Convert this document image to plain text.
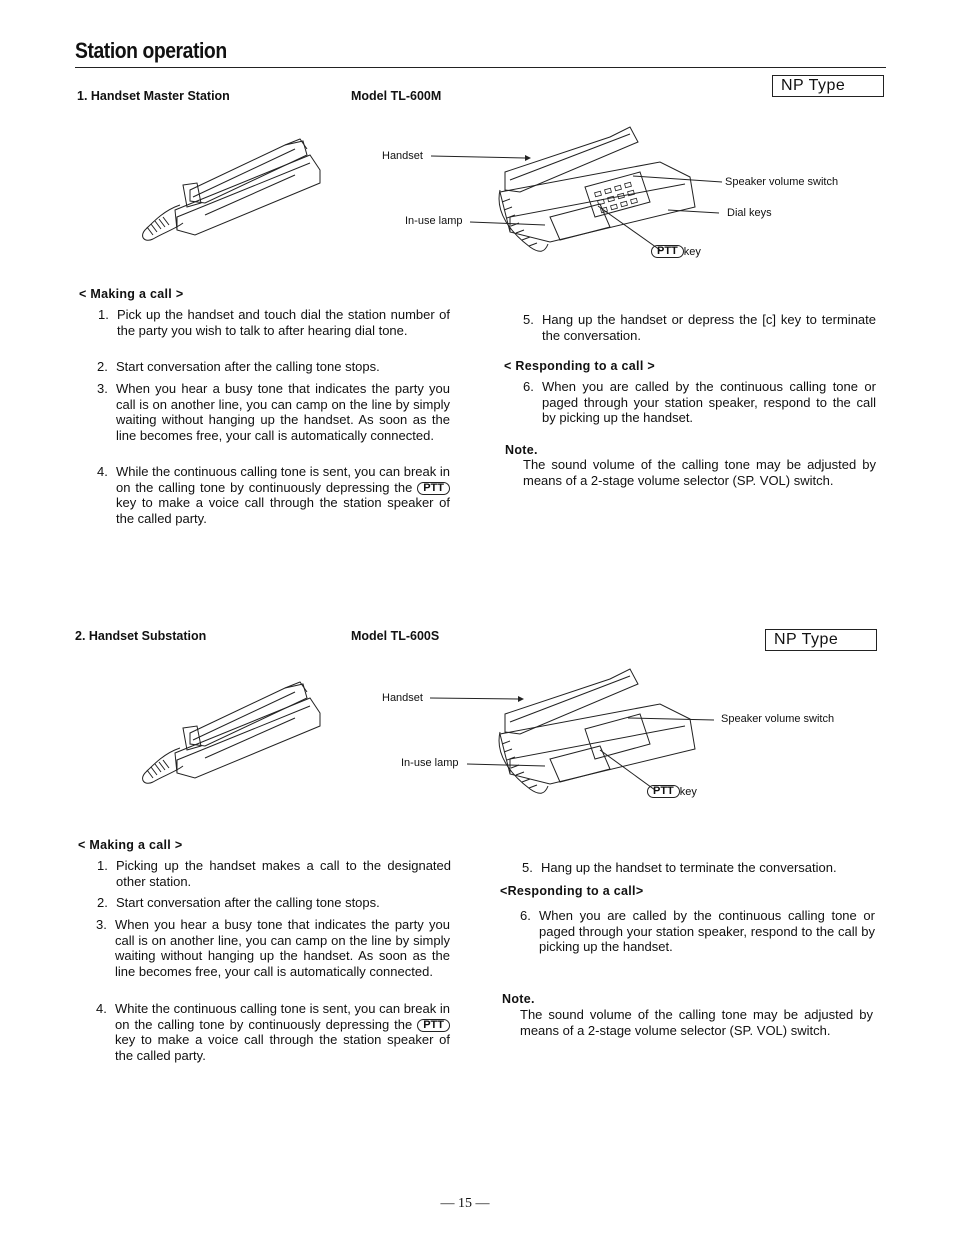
Station operation
1. Handset Master Station	Model TL-600M
NP Type
Handset
In-use lamp
Speaker volume switch
Dial keys
PTT key
< Making a call >
1. Pick up the handset and touch dial the station number of the party you wish to talk to after hearing dial tone.
2. Start conversation after the calling tone stops.
3. When you hear a busy tone that indicates the party you call is on another line, you can camp on the line by simply waiting without hanging up the handset. As soon as the line becomes free, your call is automatically connected.
4. While the continuous calling tone is sent, you can break in on the calling tone by continuously depressing the PTT key to make a voice call through the station speaker of the called party.
5. Hang up the handset or depress the [c] key to terminate the conversation.
< Responding to a call >
6. When you are called by the continuous calling tone or paged through your station speaker, respond to the call by picking up the handset.
Note.
The sound volume of the calling tone may be adjusted by means of a 2-stage volume selector (SP. VOL) switch.
2. Handset Substation	Model TL-600S	NP Type
Handset
In-use lamp
Speaker volume switch
PTT key
< Making a call >
1. Picking up the handset makes a call to the designated other station.
2. Start conversation after the calling tone stops.
3. When you hear a busy tone that indicates the party you call is on another line, you can camp on the line by simply waiting without hanging up the handset. As soon as the line becomes free, your call is automatically connected.
4. White the continuous calling tone is sent, you can break in on the calling tone by continuously depressing the PTT key to make a voice call through the station speaker of the called party.
5. Hang up the handset to terminate the conversation.
<Responding to a call>
6. When you are called by the continuous calling tone or paged through your station speaker, respond to the call by picking up the handset.
Note.
The sound volume of the calling tone may be adjusted by means of a 2-stage volume selector (SP. VOL) switch.
— 15 —
